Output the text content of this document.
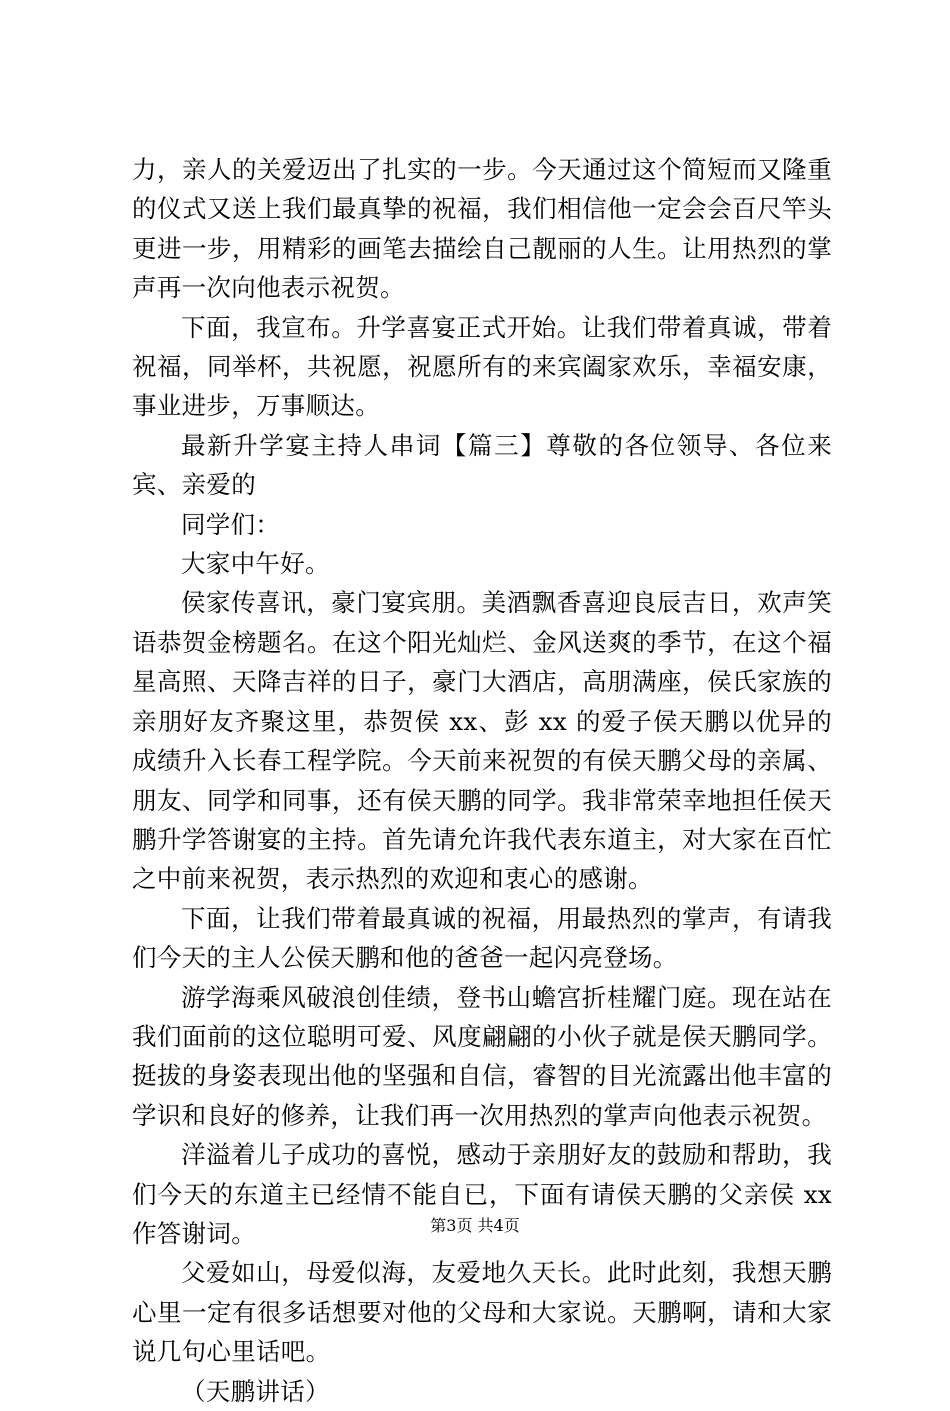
力，亲人的关爱迈出了扎实的一步。今天通过这个简短而又隆重的仪式又送上我们最真挚的祝福，我们相信他一定会会百尺竿头更进一步，用精彩的画笔去描绘自己靓丽的人生。让用热烈的掌声再一次向他表示祝贺。

下面，我宣布。升学喜宴正式开始。让我们带着真诚，带着祝福，同举杯，共祝愿，祝愿所有的来宾阖家欢乐，幸福安康，事业进步，万事顺达。

最新升学宴主持人串词【篇三】尊敬的各位领导、各位来宾、亲爱的

同学们：

大家中午好。

侯家传喜讯，豪门宴宾朋。美酒飘香喜迎良辰吉日，欢声笑语恭贺金榜题名。在这个阳光灿烂、金风送爽的季节，在这个福星高照、天降吉祥的日子，豪门大酒店，高朋满座，侯氏家族的亲朋好友齐聚这里，恭贺侯 xx、彭 xx 的爱子侯天鹏以优异的成绩升入长春工程学院。今天前来祝贺的有侯天鹏父母的亲属、朋友、同学和同事，还有侯天鹏的同学。我非常荣幸地担任侯天鹏升学答谢宴的主持。首先请允许我代表东道主，对大家在百忙之中前来祝贺，表示热烈的欢迎和衷心的感谢。

下面，让我们带着最真诚的祝福，用最热烈的掌声，有请我们今天的主人公侯天鹏和他的爸爸一起闪亮登场。

游学海乘风破浪创佳绩，登书山蟾宫折桂耀门庭。现在站在我们面前的这位聪明可爱、风度翩翩的小伙子就是侯天鹏同学。挺拔的身姿表现出他的坚强和自信，睿智的目光流露出他丰富的学识和良好的修养，让我们再一次用热烈的掌声向他表示祝贺。

洋溢着儿子成功的喜悦，感动于亲朋好友的鼓励和帮助，我们今天的东道主已经情不能自已，下面有请侯天鹏的父亲侯 xx 作答谢词。

父爱如山，母爱似海，友爱地久天长。此时此刻，我想天鹏心里一定有很多话想要对他的父母和大家说。天鹏啊，请和大家说几句心里话吧。

（天鹏讲话）

第3页 共4页
